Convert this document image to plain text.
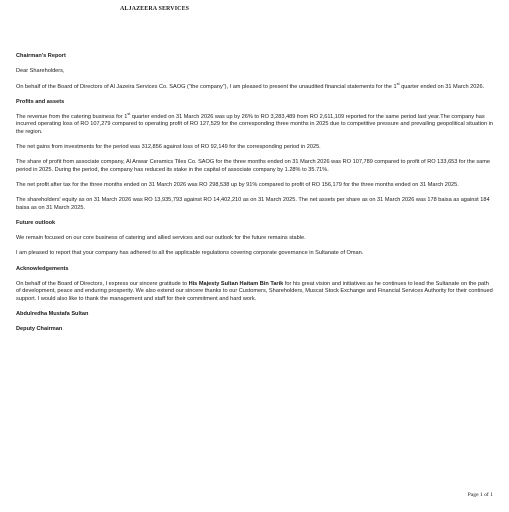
ALJAZEERA SERVICES
Chairman's Report

Dear Shareholders,

On behalf of the Board of Directors of Al Jazeira Services Co. SAOG (“the company”), I am pleased to present the unaudited financial statements for the 1st quarter ended on 31 March 2026.

Profits and assets

The revenue from the catering business for 1st quarter ended on 31 March 2026 was up by 26% to RO 3,283,489 from RO 2,611,109 reported for the same period last year.The company has incurred operating loss of RO 107,279 compared to operating profit of RO 127,529 for the corresponding three months in 2025 due to competitive pressure and prevailing geopolitical situation in the region.

The net gains from investments for the period was 312,856 against loss of RO 92,149 for the corresponding period in 2025.

The share of profit from associate company, Al Anwar Ceramics Tiles Co. SAOG for the three months ended on 31 March 2026 was RO 107,789 compared to profit of RO 133,653 for the same period in 2025. During the period, the company has reduced its stake in the capital of associate company by 1.28% to 35.71%.

The net profit after tax for the three months ended on 31 March 2026 was RO 298,538 up by 91% compared to profit of RO 156,179 for the three months ended on 31 March 2025.

The shareholders' equity as on 31 March 2026 was RO 13,935,793 against RO 14,402,210 as on 31 March 2025. The net assets per share as on 31 March 2026 was 178 baisa as against 184 baisa as on 31 March 2025.

Future outlook

We remain focused on our core business of catering and allied services and our outlook for the future remains stable.

I am pleased to report that your company has adhered to all the applicable regulations covering corporate governance in Sultanate of Oman.

Acknowledgements

On behalf of the Board of Directors, I express our sincere gratitude to His Majesty Sultan Haitam Bin Tarik for his great vision and initiatives as he continues to lead the Sultanate on the path of development, peace and enduring prosperity. We also extend our sincere thanks to our Customers, Shareholders, Muscat Stock Exchange and Financial Services Authority for their continued support. I would also like to thank the management and staff for their commitment and hard work.

Abdulredha Mustafa Sultan
Deputy Chairman
Page 1 of 1
